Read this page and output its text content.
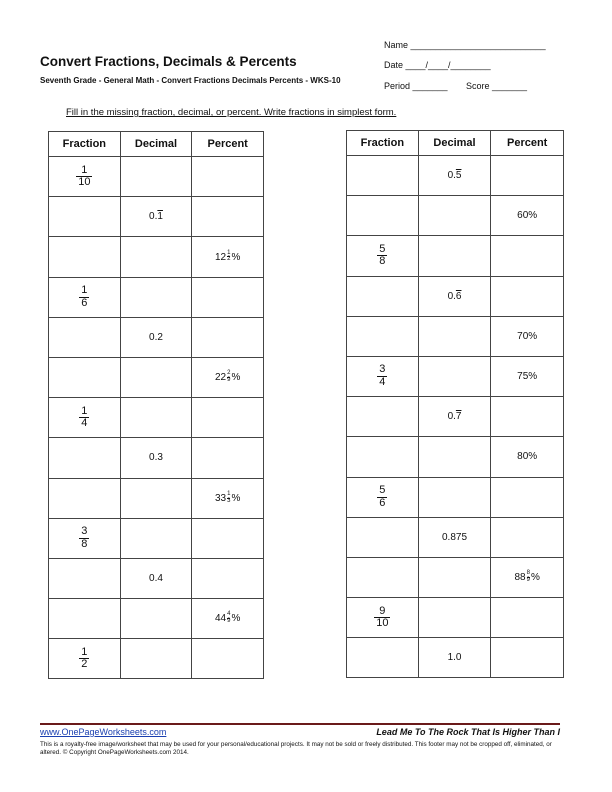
Convert Fractions, Decimals & Percents
Seventh Grade - General Math - Convert Fractions Decimals Percents - WKS-10
Name ___________________________
Date ____/____/________
Period _______ Score _______
Fill in the missing fraction, decimal, or percent. Write fractions in simplest form.
Fraction	Decimal	Percent

$\frac{1}{10}$

	0.1	
		$12 \frac{1}{2}$ %

$\frac{1}{6}$

	0.2	
		$22 \frac{2}{9}$ %

$\frac{1}{4}$

	0.3	
		$33 \frac{1}{3}$ %

$\frac{3}{8}$

	0.4	
		$44 \frac{4}{9}$ %

$\frac{1}{2}$

Fraction	Decimal	Percent
	0.5	
		60%

$\frac{5}{8}$

	0.6	
		70%

$\frac{3}{4}$		75%
	0.7	
		80%

$\frac{5}{6}$

	0.875	
		$88 \frac{8}{9}$ %

$\frac{9}{10}$

	1.0	
www.OnePageWorksheets.com	Lead Me To The Rock That Is Higher Than I
This is a royalty-free image/worksheet that may be used for your personal/educational projects. It may not be sold or freely distributed. This footer may not be cropped off, eliminated, or altered. © Copyright OnePageWorksheets.com 2014.
